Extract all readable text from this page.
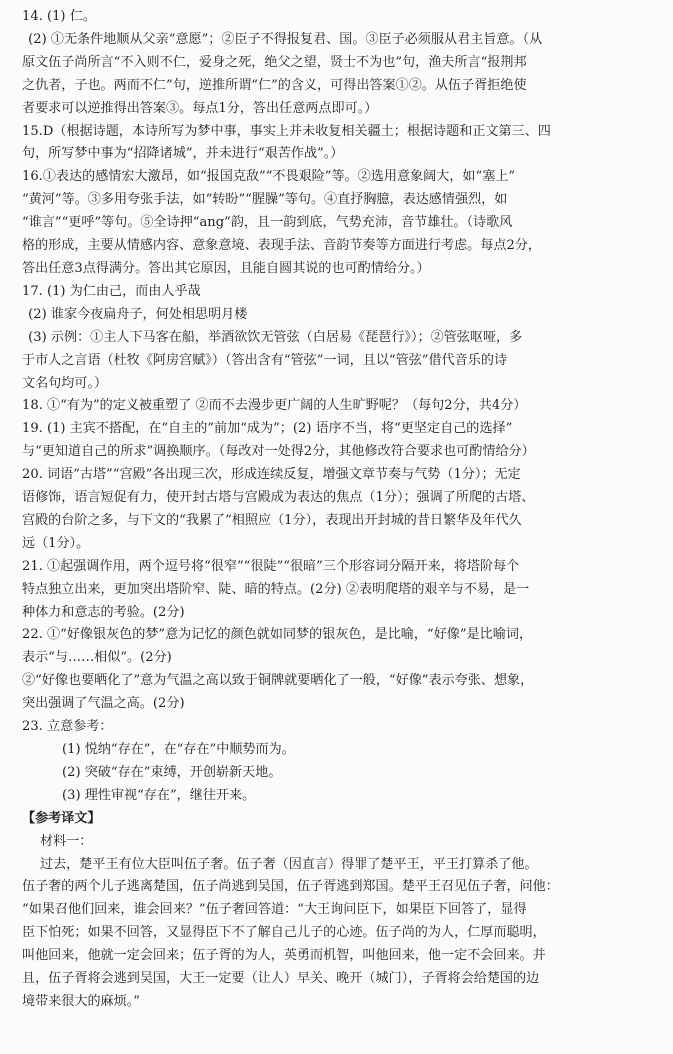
14. (1) 仁。

(2) ①无条件地顺从父亲“意愿”；②臣子不得报复君、国。③臣子必须服从君主旨意。（从

原文伍子尚所言“不入则不仁，爱身之死，绝父之望，贤士不为也”句，渔夫所言“报荆邦

之仇者，子也。两而不仁”句，逆推所谓“仁”的含义，可得出答案①②。从伍子胥拒绝使

者要求可以逆推得出答案③。每点1分，答出任意两点即可。）

15.D（根据诗题，本诗所写为梦中事，事实上并未收复相关疆土；根据诗题和正文第三、四

句，所写梦中事为“招降诸城”，并未进行“艰苦作战”。）

16.①表达的感情宏大激昂，如“报国克敌”“不畏艰险”等。②选用意象阔大，如“塞上”

“黄河”等。③多用夸张手法，如“转盼”“腥臊”等句。④直抒胸臆，表达感情强烈，如

“谁言”“更呼”等句。⑤全诗押“ang”韵，且一韵到底，气势充沛，音节雄壮。（诗歌风

格的形成，主要从情感内容、意象意境、表现手法、音韵节奏等方面进行考虑。每点2分，

答出任意3点得满分。答出其它原因，且能自圆其说的也可酌情给分。）

17. (1) 为仁由己，而由人乎哉

(2) 谁家今夜扁舟子，何处相思明月楼

(3) 示例：①主人下马客在船，举酒欲饮无管弦（白居易《琵琶行》）；②管弦呕哑，多

于市人之言语（杜牧《阿房宫赋》）（答出含有“管弦”一词，且以“管弦”借代音乐的诗

文名句均可。）

18. ①“有为”的定义被重塑了 ②而不去漫步更广阔的人生旷野呢？（每句2分，共4分）

19. (1) 主宾不搭配，在“自主的”前加“成为”；(2) 语序不当，将“更坚定自己的选择”

与“更知道自己的所求”调换顺序。（每改对一处得2分，其他修改符合要求也可酌情给分）

20. 词语“古塔”“宫殿”各出现三次，形成连续反复，增强文章节奏与气势（1分）；无定

语修饰，语言短促有力，使开封古塔与宫殿成为表达的焦点（1分）；强调了所爬的古塔、

宫殿的台阶之多，与下文的“我累了”相照应（1分），表现出开封城的昔日繁华及年代久

远（1分）。

21. ①起强调作用，两个逗号将“很窄”“很陡”“很暗”三个形容词分隔开来，将塔阶每个

特点独立出来，更加突出塔阶窄、陡、暗的特点。(2分) ②表明爬塔的艰辛与不易，是一

种体力和意志的考验。(2分)

22. ①“好像银灰色的梦”意为记忆的颜色就如同梦的银灰色，是比喻，“好像”是比喻词，

表示“与……相似”。(2分)

②“好像也要晒化了”意为气温之高以致于铜牌就要晒化了一般，“好像”表示夸张、想象，

突出强调了气温之高。(2分)

23. 立意参考：

(1) 悦纳“存在”，在“存在”中顺势而为。

(2) 突破“存在”束缚，开创崭新天地。

(3) 理性审视“存在”，继往开来。

【参考译文】

材料一：

过去，楚平王有位大臣叫伍子奢。伍子奢（因直言）得罪了楚平王，平王打算杀了他。

伍子奢的两个儿子逃离楚国，伍子尚逃到吴国，伍子胥逃到郑国。楚平王召见伍子奢，问他：

“如果召他们回来，谁会回来？”伍子奢回答道：“大王询问臣下，如果臣下回答了，显得

臣下怕死；如果不回答，又显得臣下不了解自己儿子的心迹。伍子尚的为人，仁厚而聪明，

叫他回来，他就一定会回来；伍子胥的为人，英勇而机智，叫他回来，他一定不会回来。并

且，伍子胥将会逃到吴国，大王一定要（让人）早关、晚开（城门），子胥将会给楚国的边

境带来很大的麻烦。”
